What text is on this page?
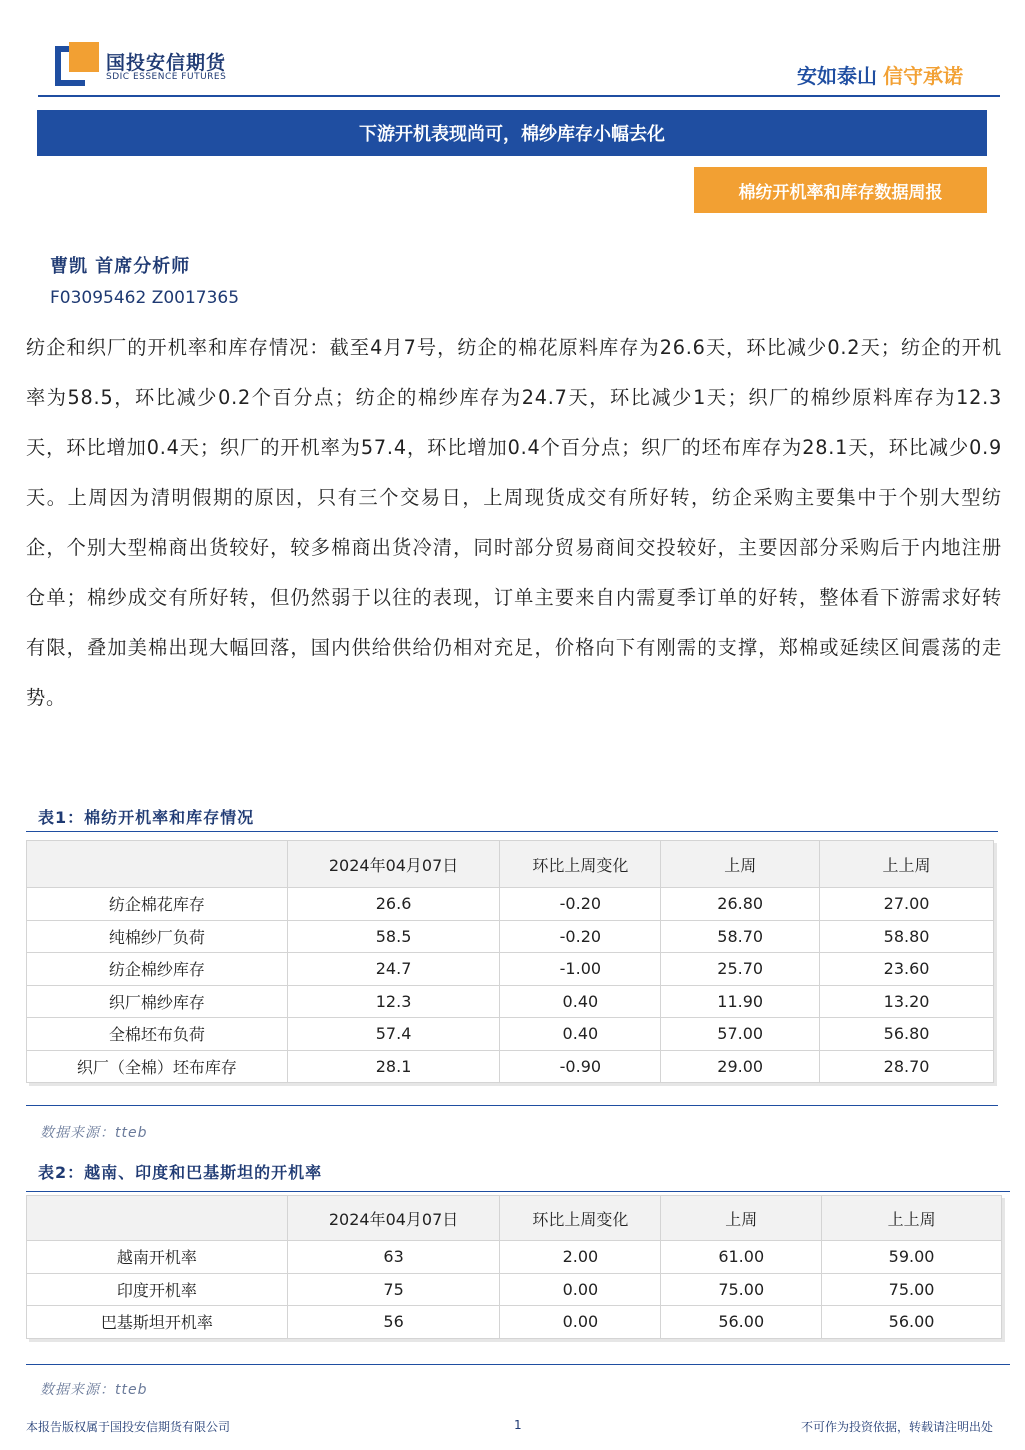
国投安信期货
SDIC ESSENCE FUTURES	安如泰山 信守承诺
下游开机表现尚可，棉纱库存小幅去化
棉纺开机率和库存数据周报
曹凯 首席分析师
F03095462 Z0017365

纺企和织厂的开机率和库存情况：截至4月7号，纺企的棉花原料库存为26.6天，环比减少0.2天；纺企的开机率为58.5，环比减少0.2个百分点；纺企的棉纱库存为24.7天，环比减少1天；织厂的棉纱原料库存为12.3天，环比增加0.4天；织厂的开机率为57.4，环比增加0.4个百分点；织厂的坯布库存为28.1天，环比减少0.9天。上周因为清明假期的原因，只有三个交易日，上周现货成交有所好转，纺企采购主要集中于个别大型纺企，个别大型棉商出货较好，较多棉商出货冷清，同时部分贸易商间交投较好，主要因部分采购后于内地注册仓单；棉纱成交有所好转，但仍然弱于以往的表现，订单主要来自内需夏季订单的好转，整体看下游需求好转有限，叠加美棉出现大幅回落，国内供给供给仍相对充足，价格向下有刚需的支撑，郑棉或延续区间震荡的走势。

表1：棉纺开机率和库存情况
	2024年04月07日	环比上周变化	上周	上上周
纺企棉花库存	26.6	-0.20	26.80	27.00
纯棉纱厂负荷	58.5	-0.20	58.70	58.80
纺企棉纱库存	24.7	-1.00	25.70	23.60
织厂棉纱库存	12.3	0.40	11.90	13.20
全棉坯布负荷	57.4	0.40	57.00	56.80
织厂（全棉）坯布库存	28.1	-0.90	29.00	28.70
数据来源：tteb
表2：越南、印度和巴基斯坦的开机率
	2024年04月07日	环比上周变化	上周	上上周
越南开机率	63	2.00	61.00	59.00
印度开机率	75	0.00	75.00	75.00
巴基斯坦开机率	56	0.00	56.00	56.00
数据来源：tteb
本报告版权属于国投安信期货有限公司	1	不可作为投资依据，转载请注明出处
